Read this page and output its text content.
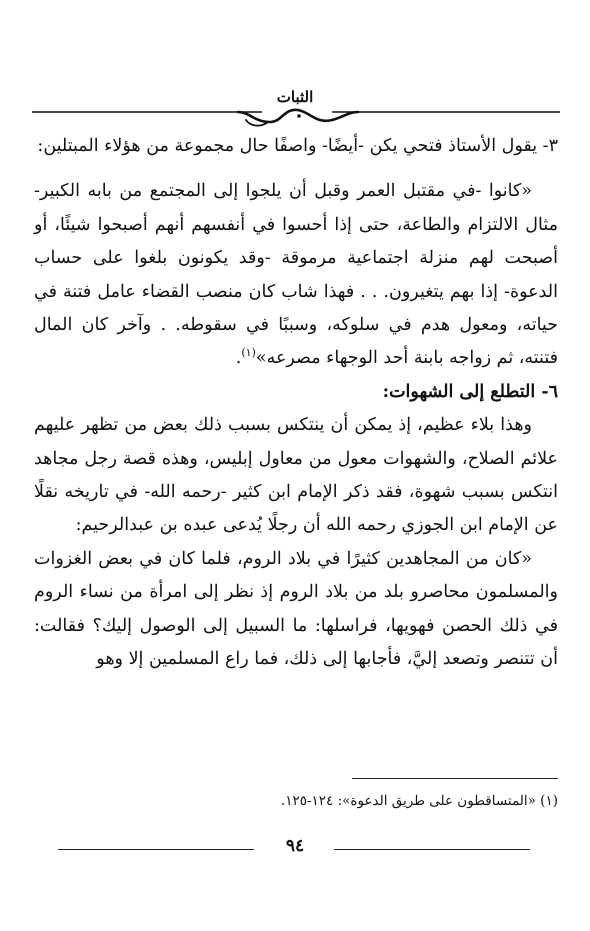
الثبات

٣- يقول الأستاذ فتحي يكن -أيضًا- واصفًا حال مجموعة من هؤلاء المبتلين:

«كانوا -في مقتبل العمر وقبل أن يلجوا إلى المجتمع من بابه الكبير- مثال الالتزام والطاعة، حتى إذا أحسوا في أنفسهم أنهم أصبحوا شيئًا، أو أصبحت لهم منزلة اجتماعية مرموقة -وقد يكونون بلغوا على حساب الدعوة- إذا بهم يتغيرون. . . فهذا شاب كان منصب القضاء عامل فتنة في حياته، ومعول هدم في سلوكه، وسببًا في سقوطه. . وآخر كان المال فتنته، ثم زواجه بابنة أحد الوجهاء مصرعه»$^{(١)}$.

٦- التطلع إلى الشهوات:

وهذا بلاء عظيم، إذ يمكن أن ينتكس بسبب ذلك بعض من تظهر عليهم علائم الصلاح، والشهوات معول من معاول إبليس، وهذه قصة رجل مجاهد انتكس بسبب شهوة، فقد ذكر الإمام ابن كثير -رحمه الله- في تاريخه نقلًا عن الإمام ابن الجوزي رحمه الله أن رجلًا يُدعى عبده بن عبدالرحيم:

«كان من المجاهدين كثيرًا في بلاد الروم، فلما كان في بعض الغزوات والمسلمون محاصرو بلد من بلاد الروم إذ نظر إلى امرأة من نساء الروم في ذلك الحصن فهويها، فراسلها: ما السبيل إلى الوصول إليك؟ فقالت: أن تتنصر وتصعد إليَّ، فأجابها إلى ذلك، فما راع المسلمين إلا وهو

(١) «المتساقطون على طريق الدعوة»: ١٢٤-١٢٥.
٩٤
